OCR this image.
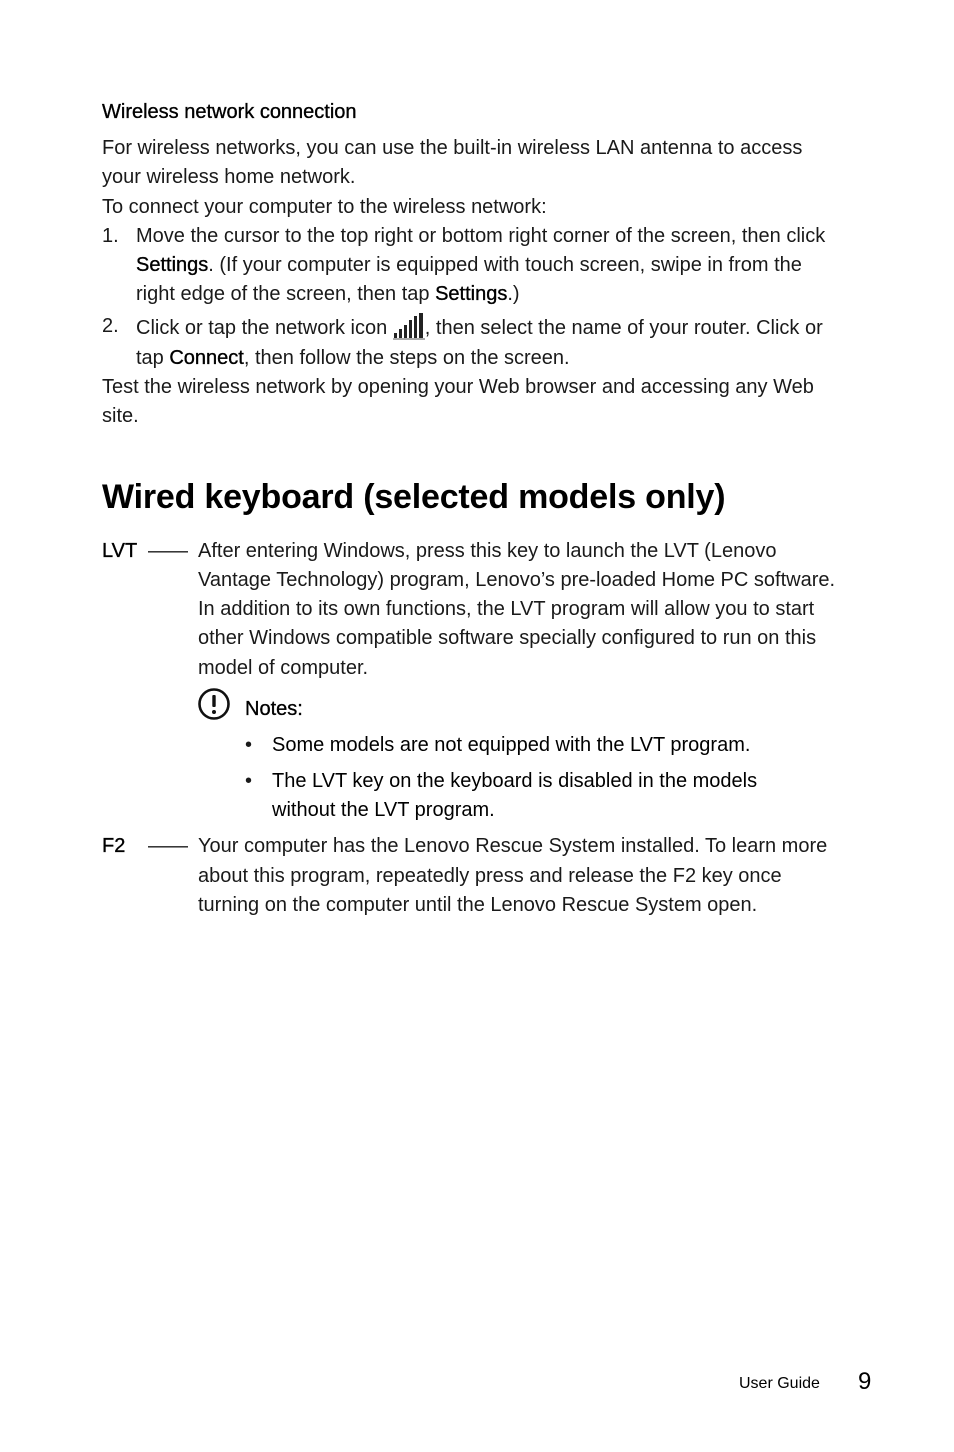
Wireless network connection
For wireless networks, you can use the built-in wireless LAN antenna to access
your wireless home network.
To connect your computer to the wireless network:
1. Move the cursor to the top right or bottom right corner of the screen, then click
Settings. (If your computer is equipped with touch screen, swipe in from the
right edge of the screen, then tap Settings.)
2. Click or tap the network icon , then select the name of your router. Click or
tap Connect, then follow the steps on the screen.
Test the wireless network by opening your Web browser and accessing any Web
site.
Wired keyboard (selected models only)
LVT —— After entering Windows, press this key to launch the LVT (Lenovo
Vantage Technology) program, Lenovo’s pre-loaded Home PC software.
In addition to its own functions, the LVT program will allow you to start
other Windows compatible software specially configured to run on this
model of computer.
Notes:
• Some models are not equipped with the LVT program.
• The LVT key on the keyboard is disabled in the models
without the LVT program.
F2 —— Your computer has the Lenovo Rescue System installed. To learn more
about this program, repeatedly press and release the F2 key once
turning on the computer until the Lenovo Rescue System open.
User Guide 9
